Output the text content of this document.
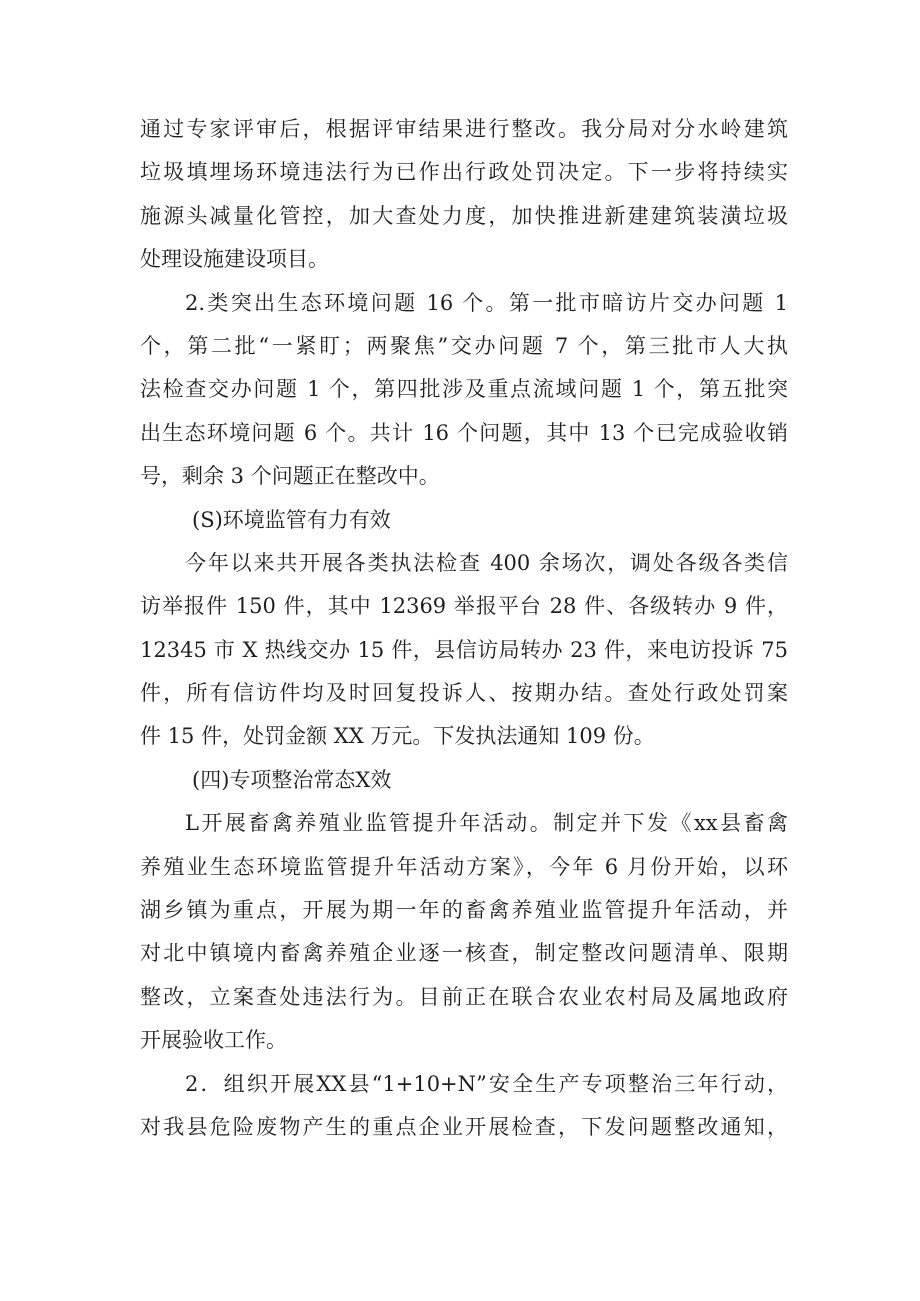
通过专家评审后，根据评审结果进行整改。我分局对分水岭建筑
垃圾填埋场环境违法行为已作出行政处罚决定。下一步将持续实
施源头减量化管控，加大查处力度，加快推进新建建筑装潢垃圾
处理设施建设项目。
2.类突出生态环境问题 16 个。第一批市暗访片交办问题 1
个，第二批“一紧盯；两聚焦”交办问题 7 个，第三批市人大执
法检查交办问题 1 个，第四批涉及重点流域问题 1 个，第五批突
出生态环境问题 6 个。共计 16 个问题，其中 13 个已完成验收销
号，剩余 3 个问题正在整改中。
(S)环境监管有力有效
今年以来共开展各类执法检查 400 余场次，调处各级各类信
访举报件 150 件，其中 12369 举报平台 28 件、各级转办 9 件，
12345 市 X 热线交办 15 件，县信访局转办 23 件，来电访投诉 75
件，所有信访件均及时回复投诉人、按期办结。查处行政处罚案
件 15 件，处罚金额 XX 万元。下发执法通知 109 份。
(四)专项整治常态X效
L开展畜禽养殖业监管提升年活动。制定并下发《xx县畜禽
养殖业生态环境监管提升年活动方案》，今年 6 月份开始，以环
湖乡镇为重点，开展为期一年的畜禽养殖业监管提升年活动，并
对北中镇境内畜禽养殖企业逐一核查，制定整改问题清单、限期
整改，立案查处违法行为。目前正在联合农业农村局及属地政府
开展验收工作。
2．组织开展XX县“1+10+N”安全生产专项整治三年行动，
对我县危险废物产生的重点企业开展检查，下发问题整改通知，
